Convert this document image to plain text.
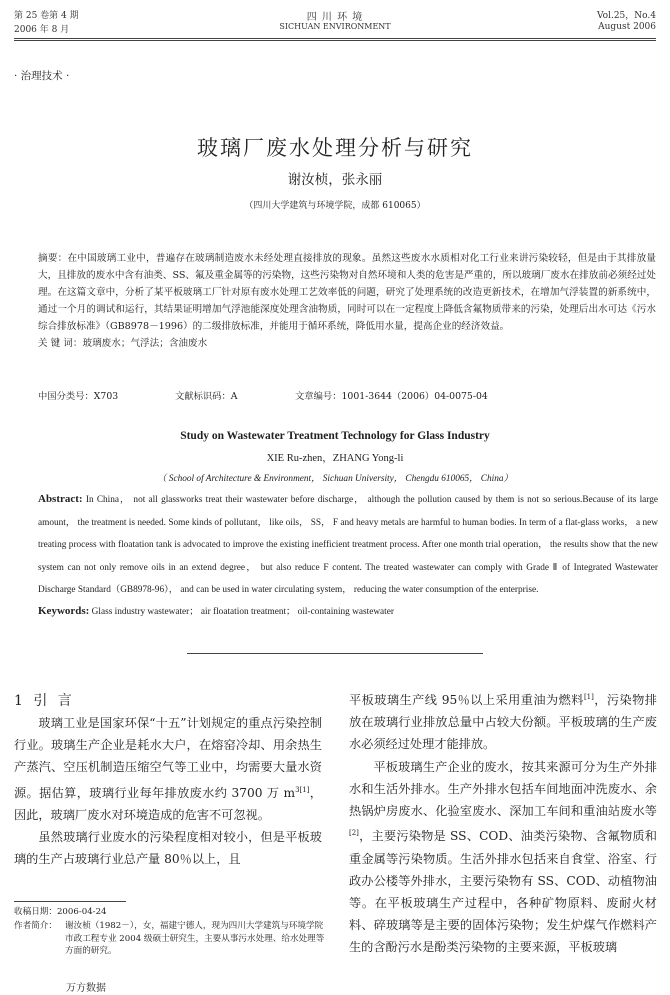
第 25 卷第 4 期
2006 年 8 月
四 川 环 境
SICHUAN ENVIRONMENT
Vol.25，No.4
August 2006
· 治理技术 ·
玻璃厂废水处理分析与研究
谢汝桢，张永丽
（四川大学建筑与环境学院，成都 610065）

摘要：在中国玻璃工业中，普遍存在玻璃制造废水未经处理直接排放的现象。虽然这些废水水质相对化工行业来讲污染较轻，但是由于其排放量大，且排放的废水中含有油类、SS、氟及重金属等的污染物，这些污染物对自然环境和人类的危害是严重的，所以玻璃厂废水在排放前必须经过处理。在这篇文章中，分析了某平板玻璃工厂针对原有废水处理工艺效率低的问题，研究了处理系统的改造更新技术，在增加气浮装置的新系统中，通过一个月的调试和运行，其结果证明增加气浮池能深度处理含油物质，同时可以在一定程度上降低含氟物质带来的污染，处理后出水可达《污水综合排放标准》（GB8978－1996）的二级排放标准，并能用于循环系统，降低用水量，提高企业的经济效益。

关 键 词：玻璃废水；气浮法；含油废水

中国分类号：X703	文献标识码：A	文章编号：1001-3644（2006）04-0075-04
Study on Wastewater Treatment Technology for Glass Industry
XIE Ru-zhen，ZHANG Yong-li
（ School of Architecture & Environment， Sichuan University， Chengdu 610065， China）
Abstract: In China， not all glassworks treat their wastewater before discharge， although the pollution caused by them is not so serious.Because of its large amount， the treatment is needed. Some kinds of pollutant， like oils， SS， F and heavy metals are harmful to human bodies. In term of a flat-glass works， a new treating process with floatation tank is advocated to improve the existing inefficient treatment process. After one month trial operation， the results show that the new system can not only remove oils in an extend degree， but also reduce F content. The treated wastewater can comply with Grade Ⅱ of Integrated Wastewater Discharge Standard（GB8978-96）， and can be used in water circulating system， reducing the water consumption of the enterprise.
Keywords: Glass industry wastewater； air floatation treatment； oil-containing wastewater
1 引 言

玻璃工业是国家环保“十五”计划规定的重点污染控制行业。玻璃生产企业是耗水大户，在熔窑冷却、用余热生产蒸汽、空压机制造压缩空气等工业中，均需要大量水资源。据估算，玻璃行业每年排放废水约 3700 万 $m^{3[1]}$，因此，玻璃厂废水对环境造成的危害不可忽视。

虽然玻璃行业废水的污染程度相对较小，但是平板玻璃的生产占玻璃行业总产量 80％以上，且

收稿日期：2006-04-24
作者简介： 谢汝桢（1982－），女，福建宁德人，现为四川大学建筑与环境学院市政工程专业 2004 级硕士研究生，主要从事污水处理、给水处理等方面的研究。
万方数据

平板玻璃生产线 95％以上采用重油为燃料[1]，污染物排放在玻璃行业排放总量中占较大份额。平板玻璃的生产废水必须经过处理才能排放。

平板玻璃生产企业的废水，按其来源可分为生产外排水和生活外排水。生产外排水包括车间地面冲洗废水、余热锅炉房废水、化验室废水、深加工车间和重油站废水等[2]，主要污染物是 SS、COD、油类污染物、含氟物质和重金属等污染物质。生活外排水包括来自食堂、浴室、行政办公楼等外排水，主要污染物有 SS、COD、动植物油等。在平板玻璃生产过程中，各种矿物原料、废耐火材料、碎玻璃等是主要的固体污染物；发生炉煤气作燃料产生的含酚污水是酚类污染物的主要来源，平板玻璃
